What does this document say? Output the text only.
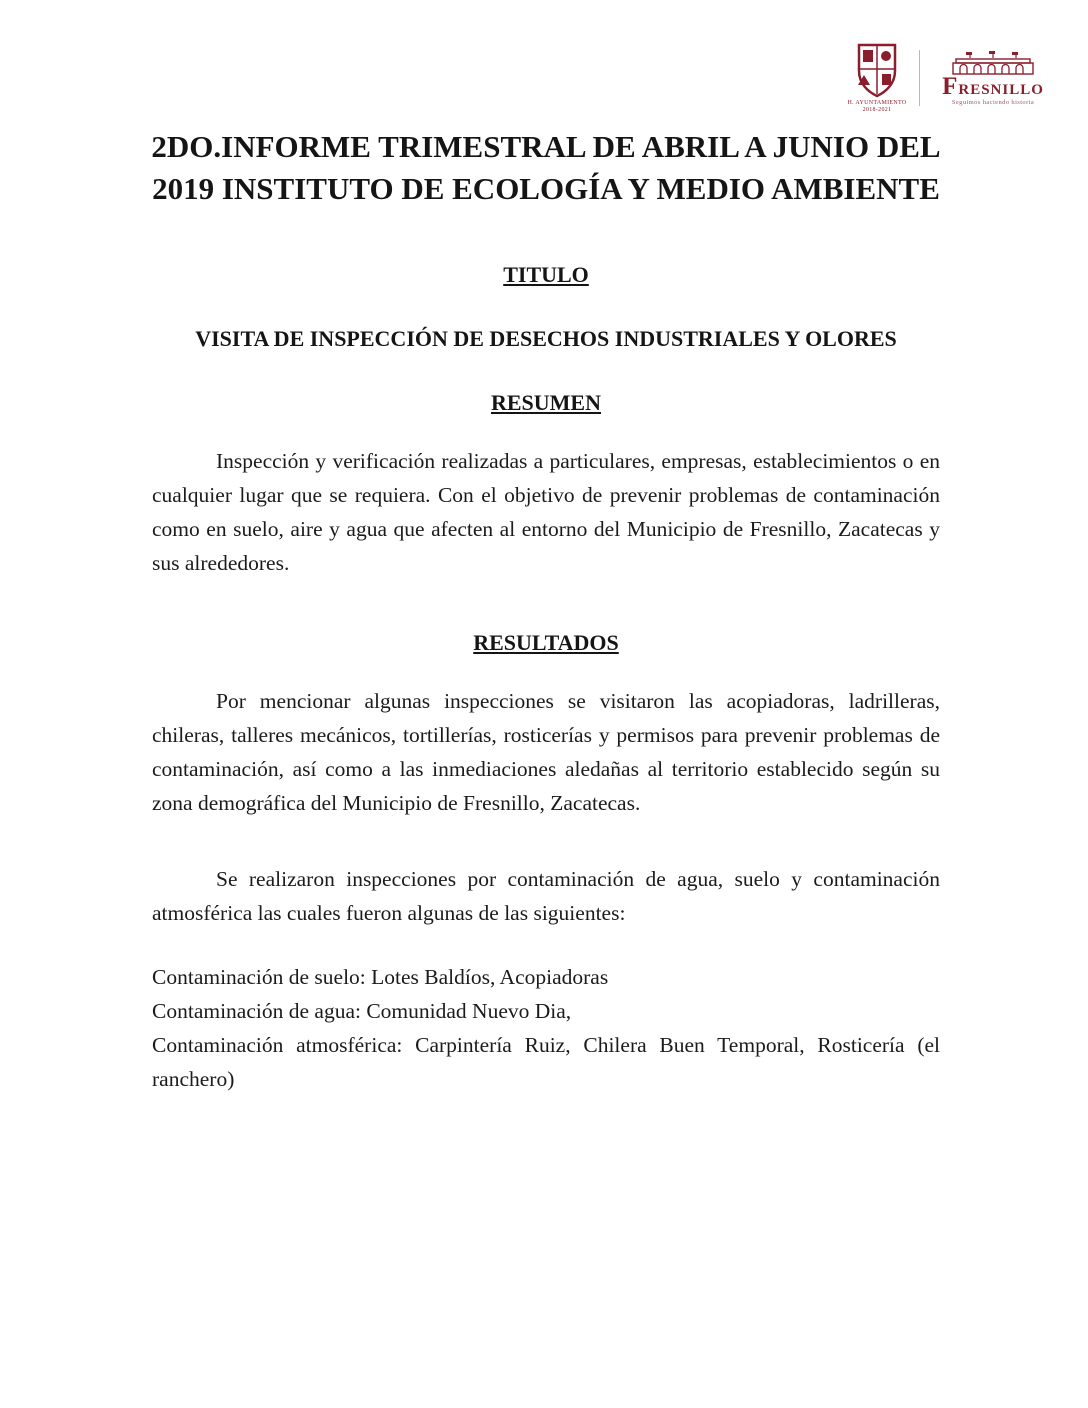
H. AYUNTAMIENTO 2018-2021
Fresnillo
Seguimos haciendo historia
2DO.INFORME TRIMESTRAL DE ABRIL A JUNIO DEL 2019 INSTITUTO DE ECOLOGÍA Y MEDIO AMBIENTE
TITULO
VISITA DE INSPECCIÓN DE DESECHOS INDUSTRIALES Y OLORES
RESUMEN

Inspección y verificación realizadas a particulares, empresas, establecimientos o en cualquier lugar que se requiera. Con el objetivo de prevenir problemas de contaminación como en suelo, aire y agua que afecten al entorno del Municipio de Fresnillo, Zacatecas y sus alrededores.

RESULTADOS

Por mencionar algunas inspecciones se visitaron las acopiadoras, ladrilleras, chileras, talleres mecánicos, tortillerías, rosticerías y permisos para prevenir problemas de contaminación, así como a las inmediaciones aledañas al territorio establecido según su zona demográfica del Municipio de Fresnillo, Zacatecas.

Se realizaron inspecciones por contaminación de agua, suelo y contaminación atmosférica las cuales fueron algunas de las siguientes:

Contaminación de suelo: Lotes Baldíos, Acopiadoras
Contaminación de agua: Comunidad Nuevo Dia,
Contaminación atmosférica: Carpintería Ruiz, Chilera Buen Temporal, Rosticería (el ranchero)
